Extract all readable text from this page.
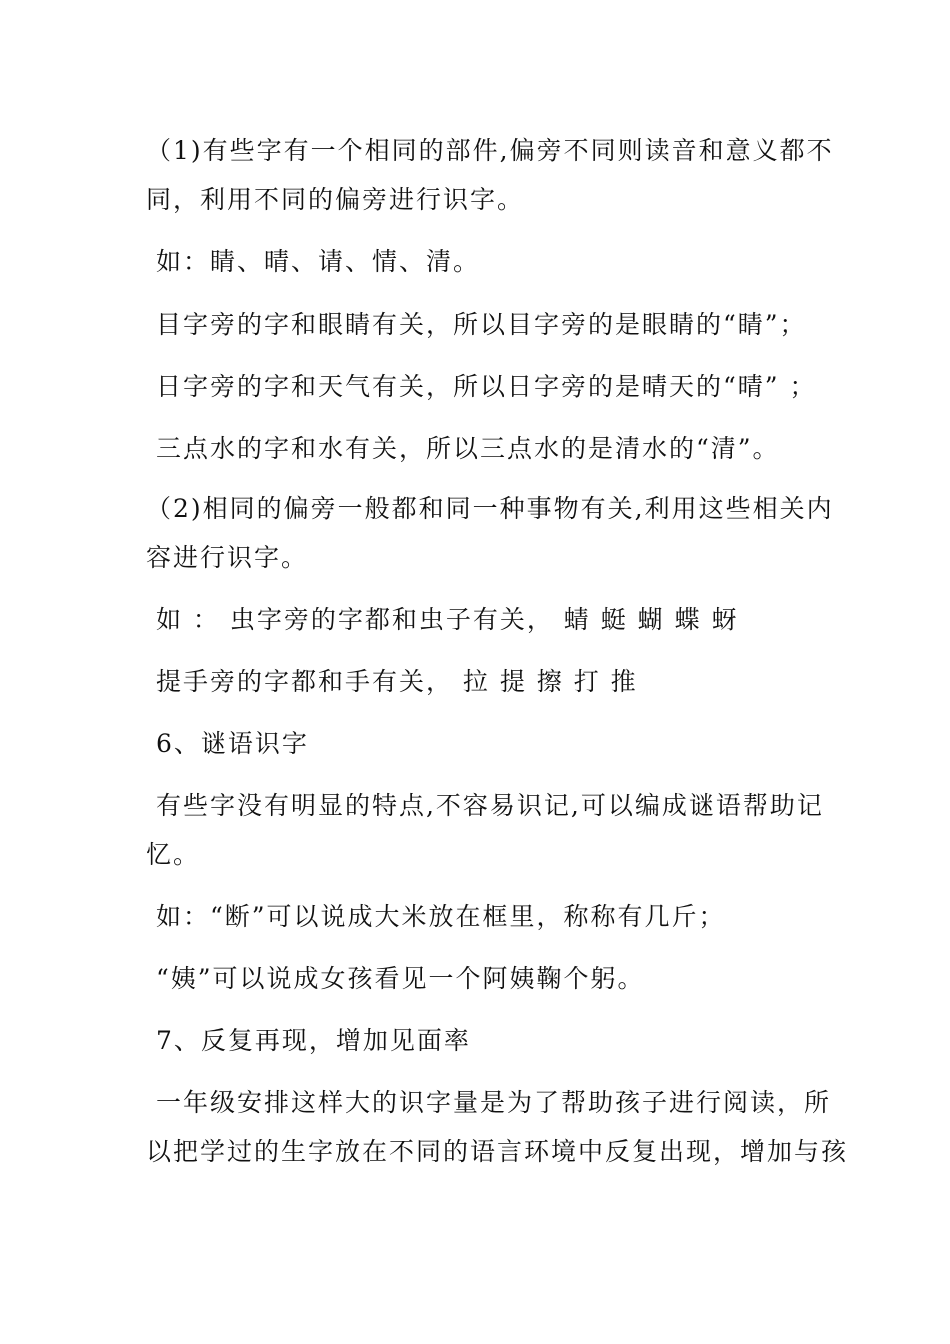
（1)有些字有一个相同的部件,偏旁不同则读音和意义都不
同，利用不同的偏旁进行识字。
如：睛、晴、请、情、清。
目字旁的字和眼睛有关，所以目字旁的是眼睛的“睛”；
日字旁的字和天气有关，所以日字旁的是晴天的“晴” ；
三点水的字和水有关，所以三点水的是清水的“清”。
（2)相同的偏旁一般都和同一种事物有关,利用这些相关内
容进行识字。
如 ： 虫字旁的字都和虫子有关， 蜻 蜓 蝴 蝶 蚜
提手旁的字都和手有关， 拉 提 擦 打 推
6、谜语识字
有些字没有明显的特点,不容易识记,可以编成谜语帮助记
忆。
如：“断”可以说成大米放在框里，称称有几斤；
“姨”可以说成女孩看见一个阿姨鞠个躬。
7、反复再现，增加见面率
一年级安排这样大的识字量是为了帮助孩子进行阅读，所
以把学过的生字放在不同的语言环境中反复出现，增加与孩
